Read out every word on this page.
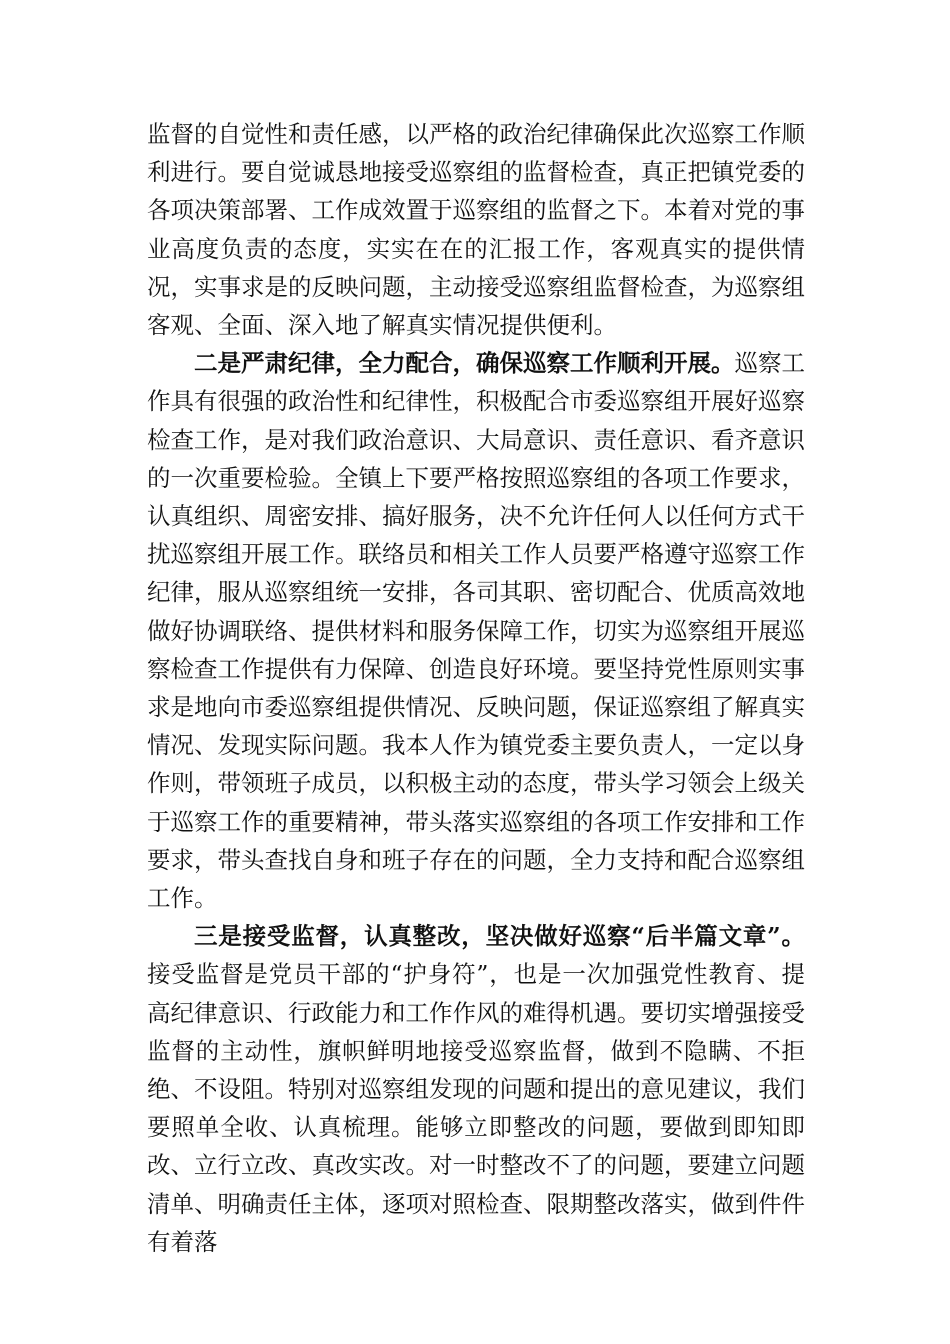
监督的自觉性和责任感，以严格的政治纪律确保此次巡察工作顺利进行。要自觉诚恳地接受巡察组的监督检查，真正把镇党委的各项决策部署、工作成效置于巡察组的监督之下。本着对党的事业高度负责的态度，实实在在的汇报工作，客观真实的提供情况，实事求是的反映问题，主动接受巡察组监督检查，为巡察组客观、全面、深入地了解真实情况提供便利。

二是严肃纪律，全力配合，确保巡察工作顺利开展。巡察工作具有很强的政治性和纪律性，积极配合市委巡察组开展好巡察检查工作，是对我们政治意识、大局意识、责任意识、看齐意识的一次重要检验。全镇上下要严格按照巡察组的各项工作要求，认真组织、周密安排、搞好服务，决不允许任何人以任何方式干扰巡察组开展工作。联络员和相关工作人员要严格遵守巡察工作纪律，服从巡察组统一安排，各司其职、密切配合、优质高效地做好协调联络、提供材料和服务保障工作，切实为巡察组开展巡察检查工作提供有力保障、创造良好环境。要坚持党性原则实事求是地向市委巡察组提供情况、反映问题，保证巡察组了解真实情况、发现实际问题。我本人作为镇党委主要负责人，一定以身作则，带领班子成员，以积极主动的态度，带头学习领会上级关于巡察工作的重要精神，带头落实巡察组的各项工作安排和工作要求，带头查找自身和班子存在的问题，全力支持和配合巡察组工作。

三是接受监督，认真整改，坚决做好巡察“后半篇文章”。接受监督是党员干部的“护身符”，也是一次加强党性教育、提高纪律意识、行政能力和工作作风的难得机遇。要切实增强接受监督的主动性，旗帜鲜明地接受巡察监督，做到不隐瞒、不拒绝、不设阻。特别对巡察组发现的问题和提出的意见建议，我们要照单全收、认真梳理。能够立即整改的问题，要做到即知即改、立行立改、真改实改。对一时整改不了的问题，要建立问题清单、明确责任主体，逐项对照检查、限期整改落实，做到件件有着落
